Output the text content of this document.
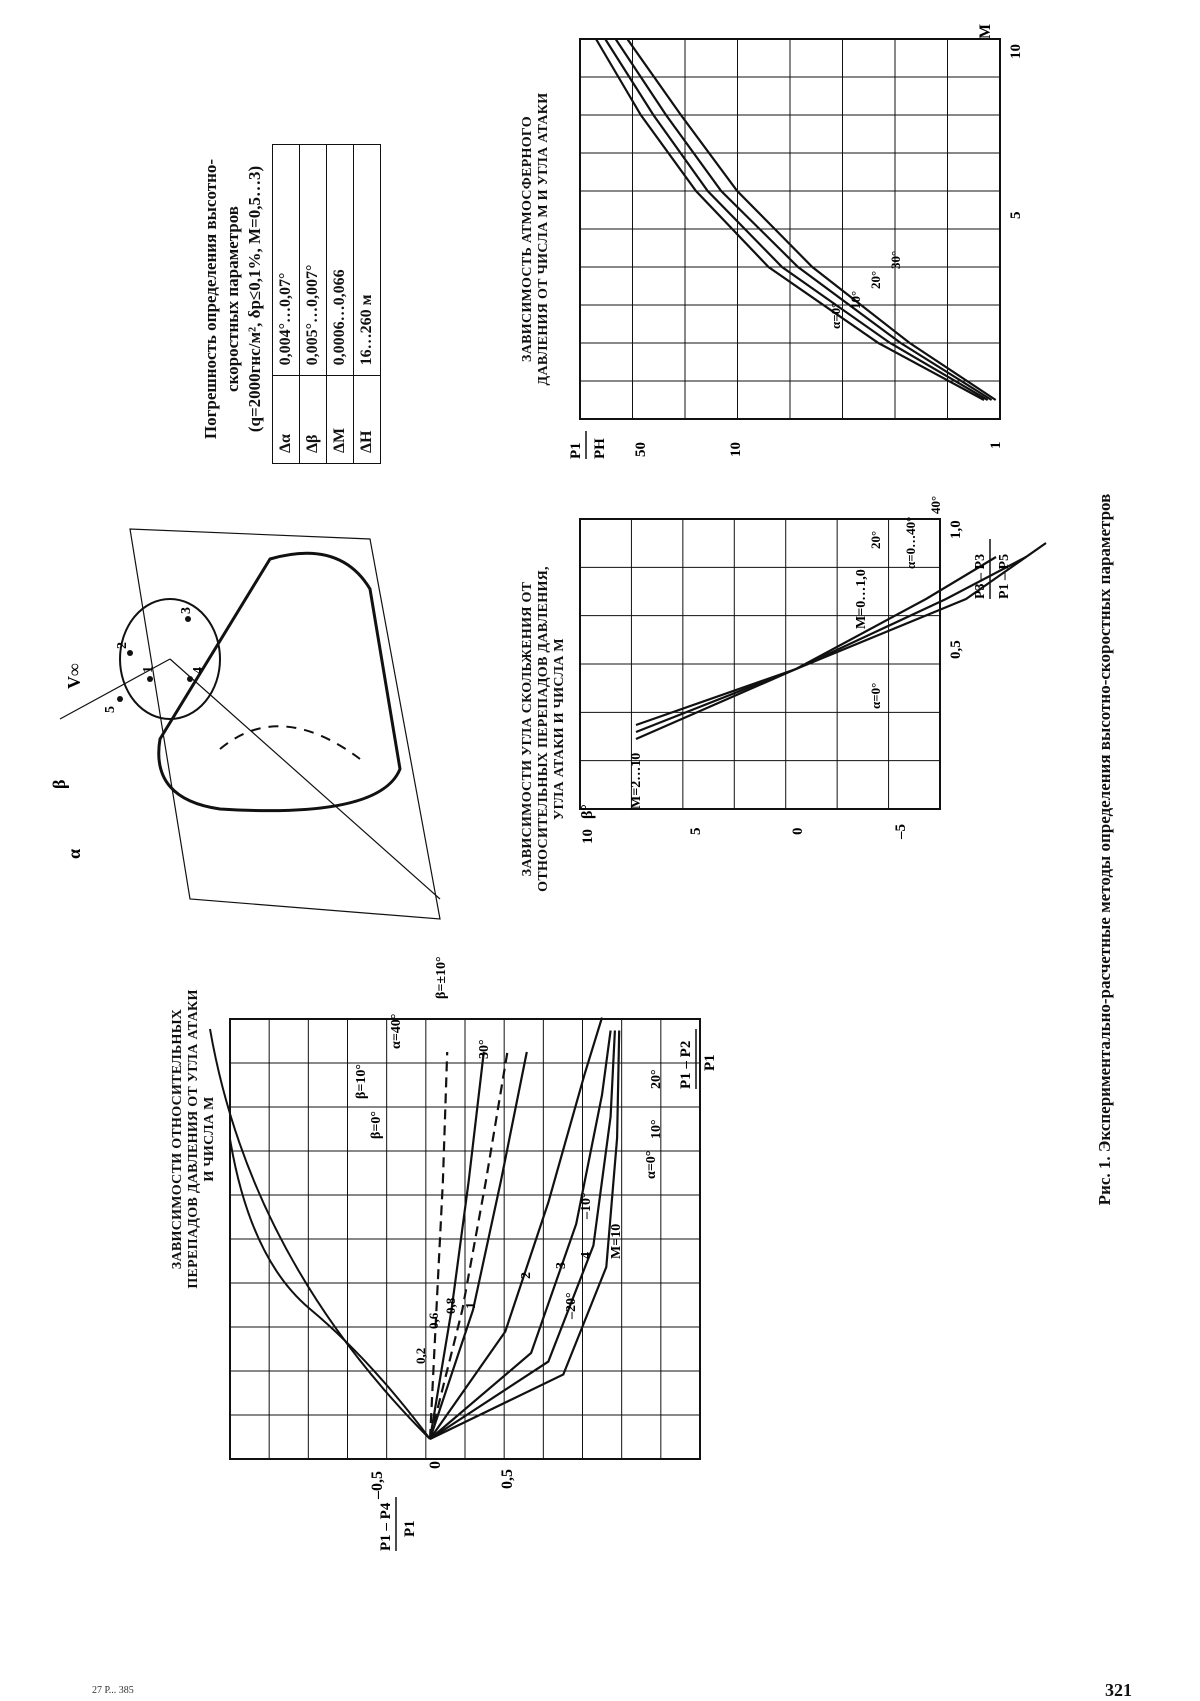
ЗАВИСИМОСТИ ОТНОСИТЕЛЬНЫХ ПЕРЕПАДОВ ДАВЛЕНИЯ ОТ УГЛА АТАКИ И ЧИСЛА М
P1 – P4 P1
0,5
0
–0,5
P1 – P2 P1
M=10
4
3
2
1
0,8
0,6
0,2
α=0°
10°
20°
30°
α=40°
–10°
–20°
β=0°
β=10°
β=±10°
ЗАВИСИМОСТИ УГЛА СКОЛЬЖЕНИЯ ОТ ОТНОСИТЕЛЬНЫХ ПЕРЕПАДОВ ДАВЛЕНИЯ, УГЛА АТАКИ И ЧИСЛА М β°
10	5	0	–5
0,5
1,0
P3 – P3 P1 – P5
M=2…10
M=0…1,0
α=0°
α=0…40°
20°
40°
1
2
3
4
5
V∞
α
β
Погрешность определения высотно- скоростных параметров (q=2000гнс/м², δp≤0,1%, М=0,5…3)
Δα	0,004°…0,07°
Δβ	0,005°…0,007°
ΔМ	0,0006…0,066
ΔН	16…260 м	ЗАВИСИМОСТЬ АТМОСФЕРНОГО ДАВЛЕНИЯ ОТ ЧИСЛА М И УГЛА АТАКИ
P1 PH 50	10	1
5
10
M
α=0°
10°
20°
30°
Рис. 1. Экспериментально-расчетные методы определения высотно-скоростных параметров
321
27 Р... 385
